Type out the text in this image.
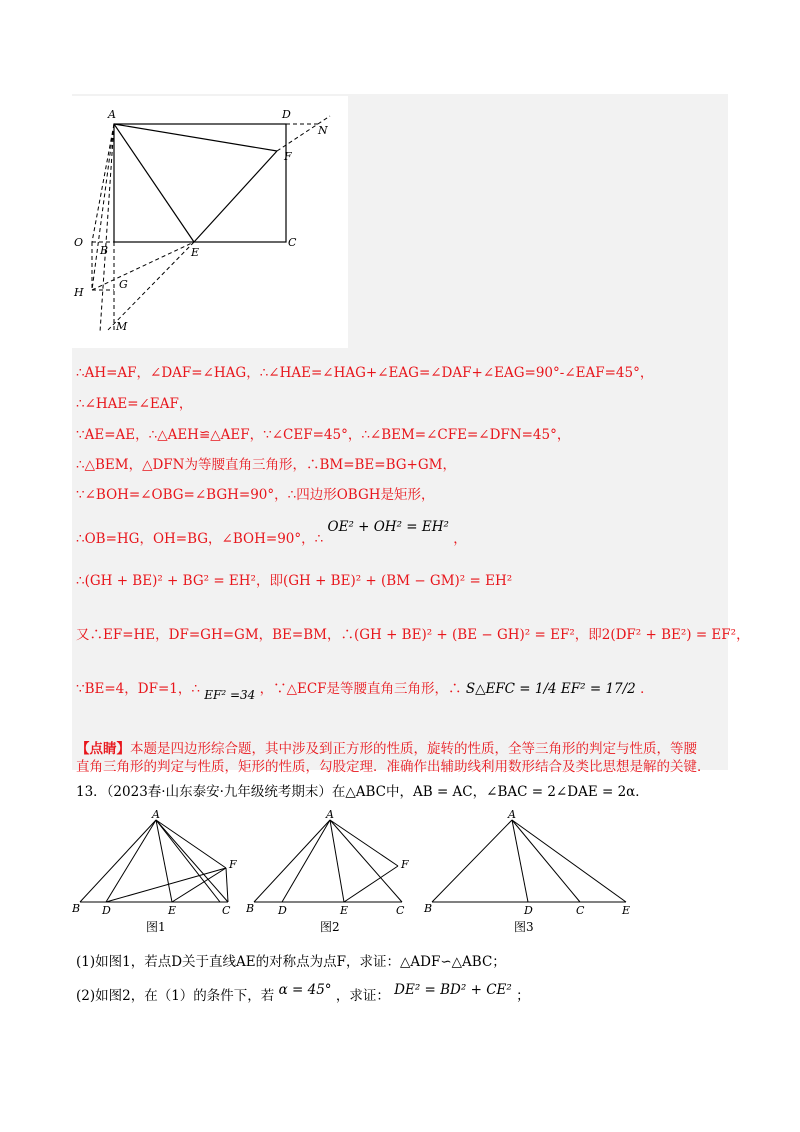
A	D
N
F
O
B	E
C
H
G
M
∴AH=AF，∠DAF=∠HAG，∴∠HAE=∠HAG+∠EAG=∠DAF+∠EAG=90°-∠EAF=45°，
∴∠HAE=∠EAF，
∵AE=AE，∴△AEH≌△AEF，∵∠CEF=45°，∴∠BEM=∠CFE=∠DFN=45°，
∴△BEM，△DFN为等腰直角三角形，∴BM=BE=BG+GM，
∵∠BOH=∠OBG=∠BGH=90°，∴四边形OBGH是矩形，
∴OB=HG，OH=BG，∠BOH=90°，∴ OE² + OH² = EH² ，
∴(GH + BE)² + BG² = EH²，即(GH + BE)² + (BM − GM)² = EH²
又∴EF=HE，DF=GH=GM，BE=BM，∴(GH + BE)² + (BE − GH)² = EF²，即2(DF² + BE²) = EF²，
∵BE=4，DF=1，∴ EF² =34 ，∵△ECF是等腰直角三角形，∴ S△EFC = 1/4 EF² = 17/2 ．
【点睛】本题是四边形综合题，其中涉及到正方形的性质，旋转的性质，全等三角形的判定与性质，等腰
直角三角形的判定与性质，矩形的性质，勾股定理．准确作出辅助线利用数形结合及类比思想是解的关键．
13．（2023春·山东泰安·九年级统考期末）在△ABC中，AB = AC，∠BAC = 2∠DAE = 2α．
A
B D	E	C
F
A
B D	E	C
F
A
B	D	C	E
图1	图2	图3
(1)如图1，若点D关于直线AE的对称点为点F，求证：△ADF∽△ABC；
(2)如图2，在（1）的条件下，若 α = 45° ，求证： DE² = BD² + CE² ；
